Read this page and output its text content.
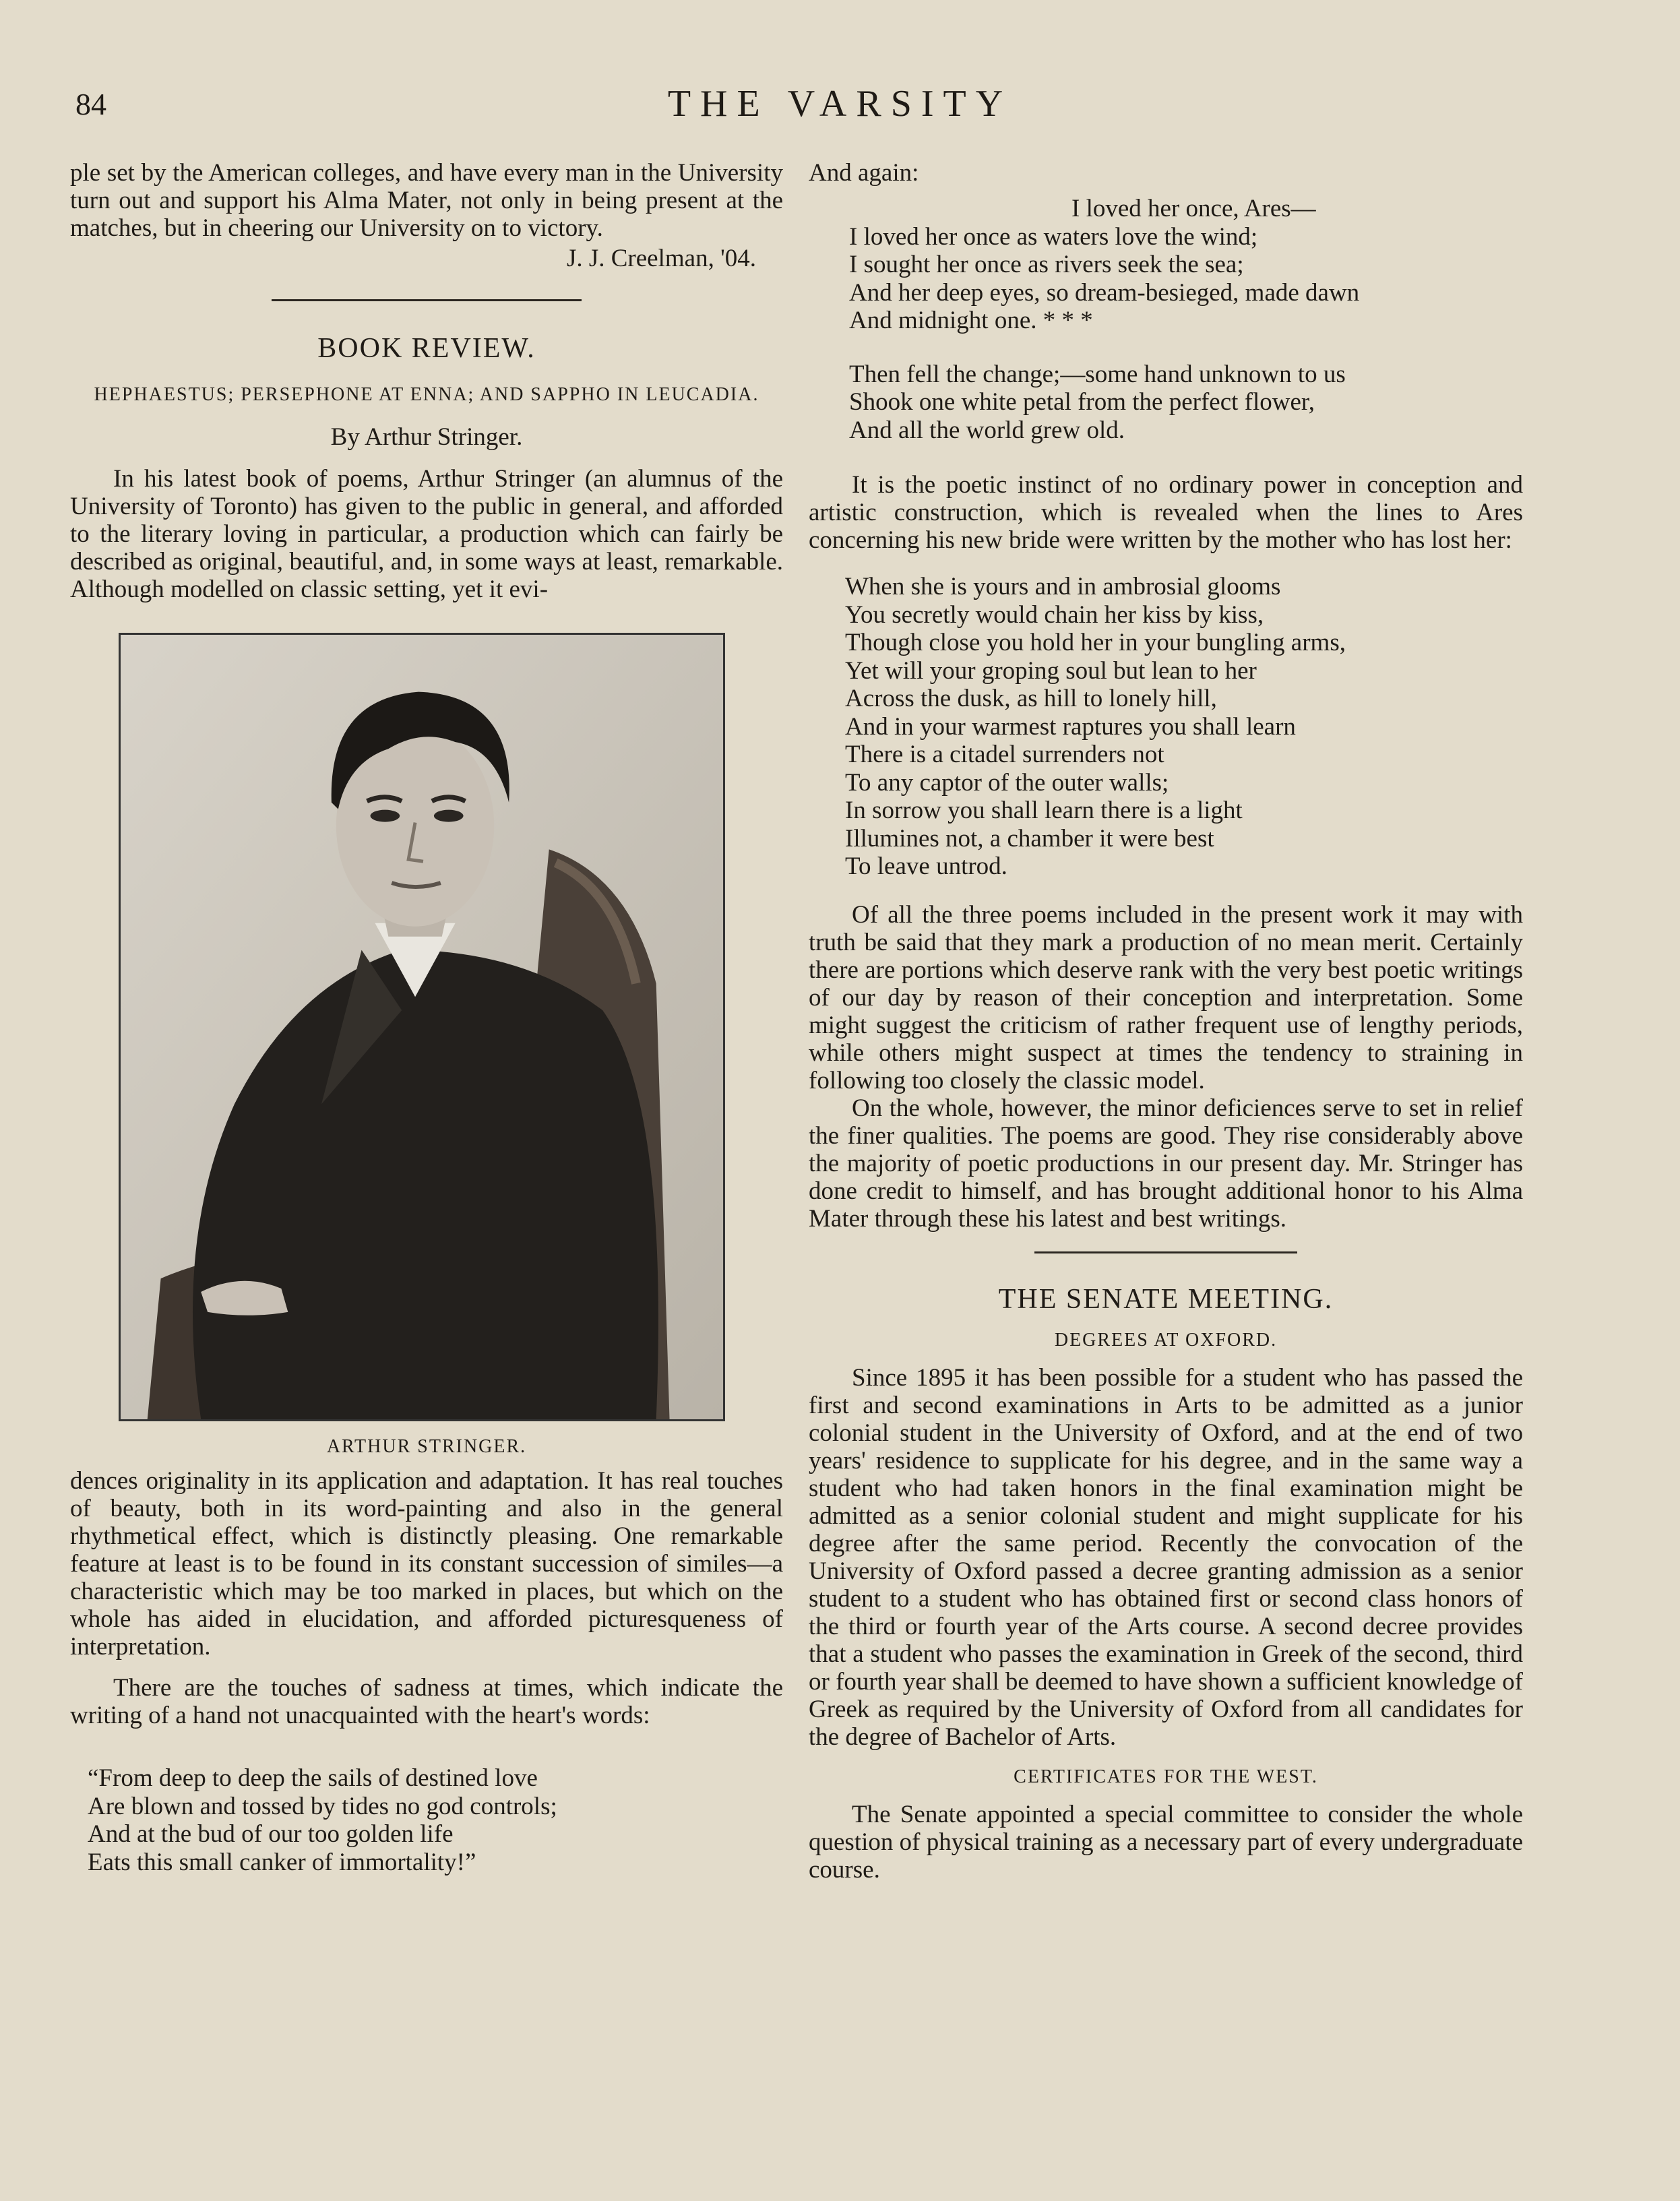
84	THE VARSITY

ple set by the American colleges, and have every man in the University turn out and support his Alma Mater, not only in being present at the matches, but in cheering our University on to victory.

J. J. Creelman, '04.

BOOK REVIEW.
HEPHAESTUS; PERSEPHONE AT ENNA; AND SAPPHO IN LEUCADIA.
By Arthur Stringer.

In his latest book of poems, Arthur Stringer (an alumnus of the University of Toronto) has given to the public in general, and afforded to the literary loving in particular, a production which can fairly be described as original, beautiful, and, in some ways at least, remarkable. Although modelled on classic setting, yet it evi-

ARTHUR STRINGER.

dences originality in its application and adaptation. It has real touches of beauty, both in its word-painting and also in the general rhythmetical effect, which is distinctly pleasing. One remarkable feature at least is to be found in its constant succession of similes—a characteristic which may be too marked in places, but which on the whole has aided in elucidation, and afforded picturesqueness of interpretation.

There are the touches of sadness at times, which indicate the writing of a hand not unacquainted with the heart's words:

“From deep to deep the sails of destined love
Are blown and tossed by tides no god controls;
And at the bud of our too golden life
Eats this small canker of immortality!”

And again:

I loved her once, Ares—
I loved her once as waters love the wind;
I sought her once as rivers seek the sea;
And her deep eyes, so dream-besieged, made dawn
And midnight one. * * *
Then fell the change;—some hand unknown to us
Shook one white petal from the perfect flower,
And all the world grew old.

It is the poetic instinct of no ordinary power in conception and artistic construction, which is revealed when the lines to Ares concerning his new bride were written by the mother who has lost her:

When she is yours and in ambrosial glooms
You secretly would chain her kiss by kiss,
Though close you hold her in your bungling arms,
Yet will your groping soul but lean to her
Across the dusk, as hill to lonely hill,
And in your warmest raptures you shall learn
There is a citadel surrenders not
To any captor of the outer walls;
In sorrow you shall learn there is a light
Illumines not, a chamber it were best
To leave untrod.

Of all the three poems included in the present work it may with truth be said that they mark a production of no mean merit. Certainly there are portions which deserve rank with the very best poetic writings of our day by reason of their conception and interpretation. Some might suggest the criticism of rather frequent use of lengthy periods, while others might suspect at times the tendency to straining in following too closely the classic model.

On the whole, however, the minor deficiences serve to set in relief the finer qualities. The poems are good. They rise considerably above the majority of poetic productions in our present day. Mr. Stringer has done credit to himself, and has brought additional honor to his Alma Mater through these his latest and best writings.

THE SENATE MEETING.
DEGREES AT OXFORD.

Since 1895 it has been possible for a student who has passed the first and second examinations in Arts to be admitted as a junior colonial student in the University of Oxford, and at the end of two years' residence to supplicate for his degree, and in the same way a student who had taken honors in the final examination might be admitted as a senior colonial student and might supplicate for his degree after the same period. Recently the convocation of the University of Oxford passed a decree granting admission as a senior student to a student who has obtained first or second class honors of the third or fourth year of the Arts course. A second decree provides that a student who passes the examination in Greek of the second, third or fourth year shall be deemed to have shown a sufficient knowledge of Greek as required by the University of Oxford from all candidates for the degree of Bachelor of Arts.

CERTIFICATES FOR THE WEST.

The Senate appointed a special committee to consider the whole question of physical training as a necessary part of every undergraduate course.
